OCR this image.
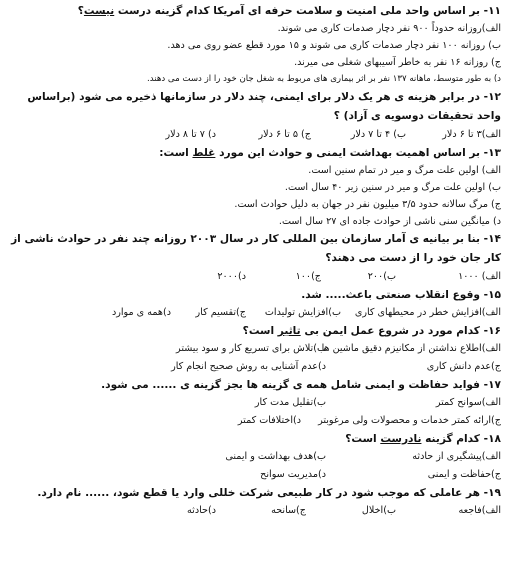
۱۱- بر اساس واحد ملی امنیت و سلامت حرفه ای آمریکا کدام گزینه درست نیست؟
الف)روزانه حدوداً ۹۰۰ نفر دچار صدمات کاری می شوند.
ب) روزانه ۱۰۰ نفر دچار صدمات کاری می شوند و ۱۵ مورد قطع عضو روی می دهد.
ج) روزانه ۱۶ نفر به خاطر آسیبهای شغلی می میرند.
د) به طور متوسط، ماهانه ۱۳۷ نفر بر اثر بیماری های مربوط به شغل جان خود را از دست می دهند.
۱۲- در برابر هزینه ی هر یک دلار برای ایمنی، چند دلار در سازمانها ذخیره می شود (براساس واحد تحقیقات دوسویه ی آزاد) ؟
الف)۳ تا ۶ دلار
ب) ۴ تا ۷ دلار
ج) ۵ تا ۶ دلار
د) ۷ تا ۸ دلار
۱۳- بر اساس اهمیت بهداشت ایمنی و حوادث این مورد غلط است:
الف) اولین علت مرگ و میر در تمام سنین است.
ب) اولین علت مرگ و میر در سنین زیر ۴۰ سال است.
ج) مرگ سالانه حدود ۳/۵ میلیون نفر در جهان به دلیل حوادث است.
د) میانگین سنی ناشی از حوادث جاده ای ۲۷ سال است.
۱۴- بنا بر بیانیه ی آمار سازمان بین المللی کار در سال ۲۰۰۳ روزانه چند نفر در حوادث ناشی از کار جان خود را از دست می دهند؟
الف) ۱۰۰۰
ب)۲۰۰
ج)۱۰۰
د)۲۰۰۰
۱۵- وقوع انقلاب صنعتی باعث..... شد.
الف)افزایش خطر در محیطهای کاری
ب)افزایش تولیدات
ج)تقسیم کار
د)همه ی موارد
۱۶- کدام مورد در شروع عمل ایمن بی تاثیر است؟
الف)اطلاع نداشتن از مکانیزم دقیق ماشین ها
ب)تلاش برای تسریع کار و سود بیشتر
ج)عدم دانش کاری
د)عدم آشنایی به روش صحیح انجام کار
۱۷- فواید حفاظت و ایمنی شامل همه ی گزینه ها بجز گزینه ی ...... می شود.
الف)سوانح کمتر
ب)تقلیل مدت کار
ج)ارائه کمتر خدمات و محصولات ولی مرغوبتر
د)اختلافات کمتر
۱۸- کدام گزینه نادرست است؟
الف)پیشگیری از حادثه
ب)هدف بهداشت و ایمنی
ج)حفاظت و ایمنی
د)مدیریت سوانح
۱۹- هر عاملی که موجب شود در کار طبیعی شرکت خللی وارد یا قطع شود، ...... نام دارد.
الف)فاجعه
ب)اخلال
ج)سانحه
د)حادثه
